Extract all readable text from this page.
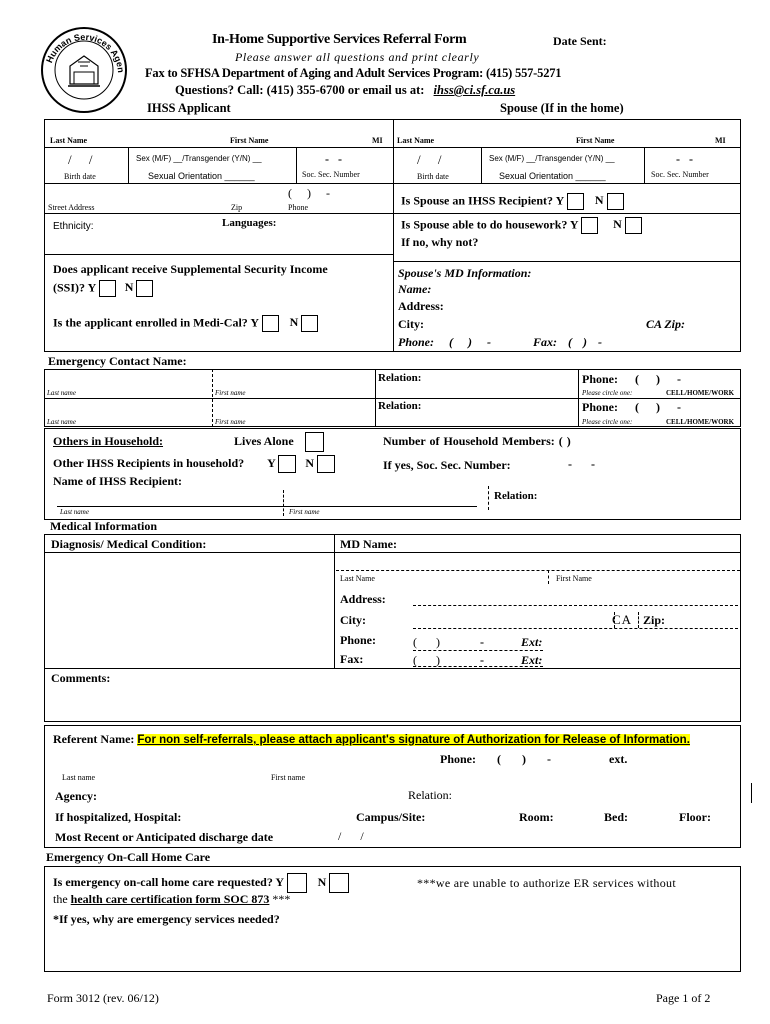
Human Services Agen
In-Home Supportive Services Referral Form	Date Sent:
Please answer all questions and print clearly
Fax to SFHSA Department of Aging and Adult Services Program: (415) 557-5271
Questions? Call: (415) 355-6700 or email us at: ihss@ci.sf.ca.us
IHSS Applicant	Spouse (If in the home)
Last Name	First Name	MI
/ /
Birth date
Sex (M/F) __/Transgender (Y/N) __
Sexual Orientation ______
- -
Soc. Sec. Number
( ) -
Street Address	Zip	Phone
Ethnicity:	Languages:
Does applicant receive Supplemental Security Income
(SSI)? Y N
Is the applicant enrolled in Medi-Cal? Y	N
Last Name	First Name	MI
/ /
Birth date
Sex (M/F) __/Transgender (Y/N) __
Sexual Orientation ______
- -
Soc. Sec. Number
Is Spouse an IHSS Recipient? Y	N
Is Spouse able to do housework? Y	N
If no, why not?
Spouse's MD Information:
Name:
Address:
City:	CA Zip:
Phone: ( ) -	Fax: ( ) -
Emergency Contact Name:
Last name	First name
Relation:	Phone: ( ) -
Please circle one:	CELL/HOME/WORK
Last name	First name
Relation:	Phone: ( ) -
Please circle one:	CELL/HOME/WORK
Others in Household:	Lives Alone	Number of Household Members: ( )
Other IHSS Recipients in household? Y	N	If yes, Soc. Sec. Number:	- -
Name of IHSS Recipient:
Last name	First name
Relation:
Medical Information
Diagnosis/ Medical Condition:	MD Name:
Last Name	First Name
Address:
City:	CA Zip:
Phone:	( )	-	Ext:
Fax:	( )	-	Ext:
Comments:
Referent Name: For non self-referrals, please attach applicant's signature of Authorization for Release of Information.
Phone: ( ) -	ext.
Last name	First name
Agency:	Relation:
If hospitalized, Hospital:	Campus/Site:	Room:	Bed:	Floor:
Most Recent or Anticipated discharge date	/ /
Emergency On-Call Home Care
Is emergency on-call home care requested? Y	N	***we are unable to authorize ER services without
the health care certification form SOC 873 ***
*If yes, why are emergency services needed?
Form 3012 (rev. 06/12)	Page 1 of 2
